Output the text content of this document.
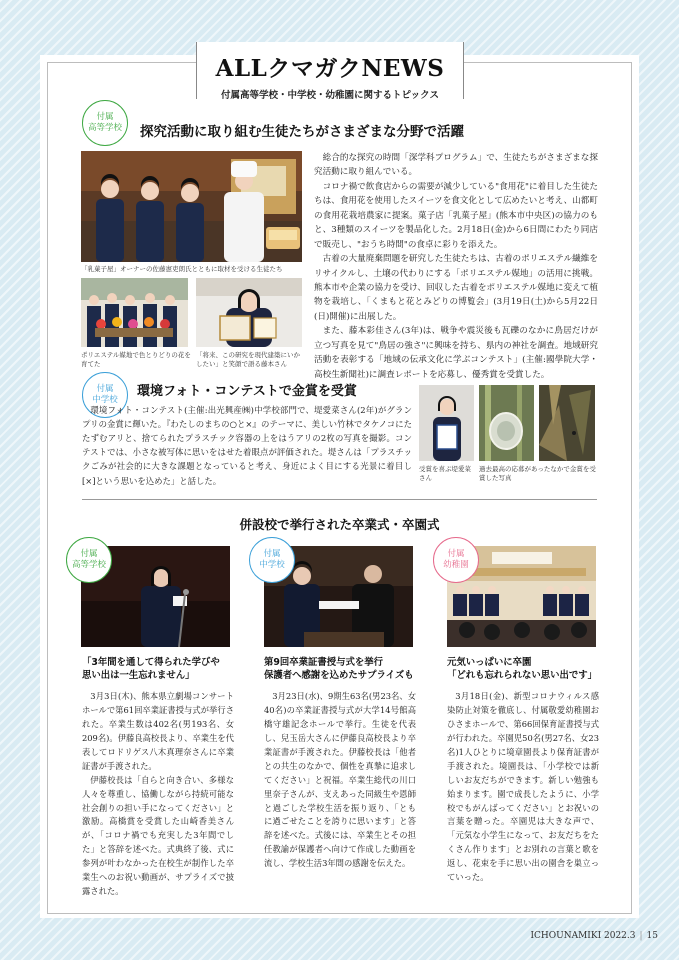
ALLクマガクNEWS

付属高等学校・中学校・幼稚園に関するトピックス

付属
高等学校	探究活動に取り組む生徒たちがさまざまな分野で活躍
「乳菓子屋」オーナーの佐藤憲吏朗氏とともに取材を受ける生徒たち
ポリエステル媒地で色とりどりの花を育てた
「将来、この研究を現代建築にいかしたい」と笑顔で語る藤本さん

総合的な探究の時間「深学科プログラム」で、生徒たちがさまざまな探究活動に取り組んでいる。

コロナ禍で飲食店からの需要が減少している"食用花"に着目した生徒たちは、食用花を使用したスイーツを食文化として広めたいと考え、山都町の食用花栽培農家に提案。菓子店「乳菓子屋」(熊本市中央区)の協力のもと、3種類のスイーツを製品化した。2月18日(金)から6日間にわたり同店で販売し、"おうち時間"の食卓に彩りを添えた。

古着の大量廃棄問題を研究した生徒たちは、古着のポリエステル繊維をリサイクルし、土壌の代わりにする「ポリエステル媒地」の活用に挑戦。熊本市や企業の協力を受け、回収した古着をポリエステル媒地に変えて植物を栽培し、「くまもと花とみどりの博覧会」(3月19日(土)から5月22日(日)開催)に出展した。

また、藤本彩佳さん(3年)は、戦争や震災後も瓦礫のなかに鳥居だけが立つ写真を見て"鳥居の強さ"に興味を持ち、県内の神社を調査。地域研究活動を表彰する「地域の伝承文化に学ぶコンテスト」(主催:國學院大学・高校生新聞社)に調査レポートを応募し、優秀賞を受賞した。

付属
中学校
環境フォト・コンテストで金賞を受賞

環境フォト・コンテスト(主催:出光興産㈱)中学校部門で、堤愛菜さん(2年)がグランプリの金賞に輝いた。『わたしのまちの○と×』のテーマに、美しい竹林でタケノコにたたずむアリと、捨てられたプラスチック容器の上をはうアリの2枚の写真を撮影。コンテストでは、小さな被写体に思いをはせた着眼点が評価された。堤さんは「プラスチックごみが社会的に大きな課題となっていると考え、身近によく目にする光景に着目し[×]という思いを込めた」と話した。

受賞を喜ぶ堤愛菜さん
過去最高の応募があったなかで金賞を受賞した写真
併設校で挙行された卒業式・卒園式
付属
高等学校
「3年間を通して得られた学びや
思い出は一生忘れません」

3月3日(木)、熊本県立劇場コンサートホールで第61回卒業証書授与式が挙行された。卒業生数は402名(男193名、女209名)。伊藤良高校長より、卒業生を代表してロドリゲス八木真理奈さんに卒業証書が手渡された。

伊藤校長は「自らと向き合い、多様な人々を尊重し、協働しながら持続可能な社会創りの担い手になってください」と激励。高橋賞を受賞した山崎香美さんが、「コロナ禍でも充実した3年間でした」と答辞を述べた。式典終了後、式に参列が叶わなかった在校生が制作した卒業生へのお祝い動画が、サプライズで披露された。

付属
中学校
第9回卒業証書授与式を挙行
保護者へ感謝を込めたサプライズも

3月23日(水)、9期生63名(男23名、女40名)の卒業証書授与式が大学14号館高橋守雄記念ホールで挙行。生徒を代表し、兒玉岳大さんに伊藤良高校長より卒業証書が手渡された。伊藤校長は「他者との共生のなかで、個性を真摯に追求してください」と祝福。卒業生総代の川口里奈子さんが、支えあった同級生や恩師と過ごした学校生活を振り返り、「ともに過ごせたことを誇りに思います」と答辞を述べた。式後には、卒業生とその担任教諭が保護者へ向けて作成した動画を流し、学校生活3年間の感謝を伝えた。

付属
幼稚園
元気いっぱいに卒園
「どれも忘れられない思い出です」

3月18日(金)、新型コロナウィルス感染防止対策を徹底し、付属敬愛幼稚園おひさまホールで、第66回保育証書授与式が行われた。卒園児50名(男27名、女23名)1人ひとりに境章園長より保育証書が手渡された。境園長は、「小学校では新しいお友だちができます。新しい勉強も始まります。園で成長したように、小学校でもがんばってください」とお祝いの言葉を贈った。卒園児は大きな声で、「元気な小学生になって、お友だちをたくさん作ります」とお別れの言葉と歌を返し、花束を手に思い出の園舎を巣立っていった。

ICHOUNAMIKI 2022.3 | 15
